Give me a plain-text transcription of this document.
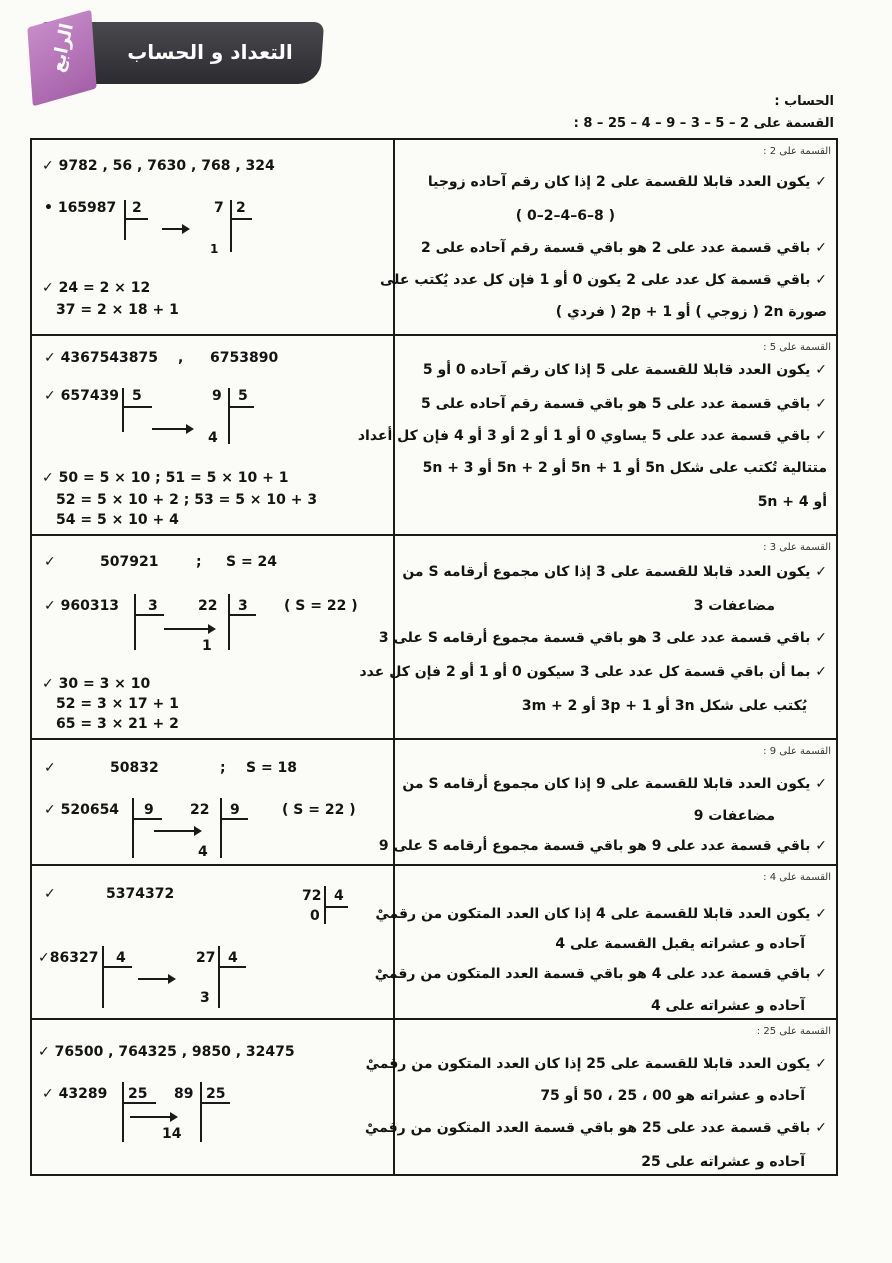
الرابع	التعداد و الحساب
الحساب :
القسمة على 2 – 5 – 3 – 9 – 4 – 25 – 8 :
القسمة على 2 :
✓ يكون العدد قابلا للقسمة على 2 إذا كان رقم آحاده زوجيا
( 8–6–4–2–0 )
✓ باقي قسمة عدد على 2 هو باقي قسمة رقم آحاده على 2
✓ باقي قسمة كل عدد على 2 يكون 0 أو 1 فإن كل عدد يُكتب على
صورة 2n ( زوجي ) أو 2p + 1 ( فردي )
✓ 9782 , 56 , 7630 , 768 , 324
• 165987 2	7 2
1
✓ 24 = 2 × 12
37 = 2 × 18 + 1
القسمة على 5 :
✓ يكون العدد قابلا للقسمة على 5 إذا كان رقم آحاده 0 أو 5
✓ باقي قسمة عدد على 5 هو باقي قسمة رقم آحاده على 5
✓ باقي قسمة عدد على 5 يساوي 0 أو 1 أو 2 أو 3 أو 4 فإن كل أعداد
متتالية تُكتب على شكل 5n أو 5n + 1 أو 5n + 2 أو 5n + 3
أو 5n + 4
✓ 4367543875 , 6753890
✓ 657439 5	9 5
4
✓ 50 = 5 × 10 ; 51 = 5 × 10 + 1
52 = 5 × 10 + 2 ; 53 = 5 × 10 + 3
54 = 5 × 10 + 4
القسمة على 3 :
✓ يكون العدد قابلا للقسمة على 3 إذا كان مجموع أرقامه S من
مضاعفات 3
✓ باقي قسمة عدد على 3 هو باقي قسمة مجموع أرقامه S على 3
✓ بما أن باقي قسمة كل عدد على 3 سيكون 0 أو 1 أو 2 فإن كل عدد
يُكتب على شكل 3n أو 3p + 1 أو 3m + 2
✓	507921	; S = 24
✓ 960313 3	22 3
1
( S = 22 )
✓ 30 = 3 × 10
52 = 3 × 17 + 1
65 = 3 × 21 + 2
القسمة على 9 :
✓ يكون العدد قابلا للقسمة على 9 إذا كان مجموع أرقامه S من
مضاعفات 9
✓ باقي قسمة عدد على 9 هو باقي قسمة مجموع أرقامه S على 9
✓	50832	; S = 18
✓ 520654 9	22 9
4
( S = 22 )
القسمة على 4 :
✓ يكون العدد قابلا للقسمة على 4 إذا كان العدد المتكون من رقميْ
آحاده و عشراته يقبل القسمة على 4
✓ باقي قسمة عدد على 4 هو باقي قسمة العدد المتكون من رقميْ
آحاده و عشراته على 4
✓	5374372	72 4
0
✓86327 4	27 4
3
القسمة على 25 :
✓ يكون العدد قابلا للقسمة على 25 إذا كان العدد المتكون من رقميْ
آحاده و عشراته هو 00 ، 25 ، 50 أو 75
✓ باقي قسمة عدد على 25 هو باقي قسمة العدد المتكون من رقميْ
آحاده و عشراته على 25
✓ 76500 , 764325 , 9850 , 32475
✓ 43289 25 89 25
14
